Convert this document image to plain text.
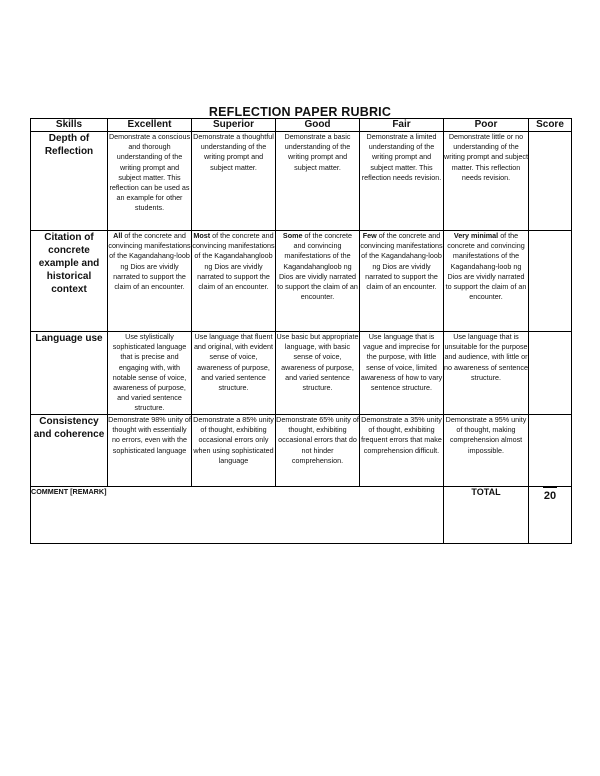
REFLECTION PAPER RUBRIC
Skills	Excellent	Superior	Good	Fair	Poor	Score
Depth of Reflection	Demonstrate a conscious and thorough understanding of the writing prompt and subject matter. This reflection can be used as an example for other students.	Demonstrate a thoughtful understanding of the writing prompt and subject matter.	Demonstrate a basic understanding of the writing prompt and subject matter.	Demonstrate a limited understanding of the writing prompt and subject matter. This reflection needs revision.	Demonstrate little or no understanding of the writing prompt and subject matter. This reflection needs revision.	
Citation of concrete example and historical context	All of the concrete and convincing manifestations of the Kagandahang-loob ng Dios are vividly narrated to support the claim of an encounter.	Most of the concrete and convincing manifestations of the Kagandahangloob ng Dios are vividly narrated to support the claim of an encounter.	Some of the concrete and convincing manifestations of the Kagandahangloob ng Dios are vividly narrated to support the claim of an encounter.	Few of the concrete and convincing manifestations of the Kagandahang-loob ng Dios are vividly narrated to support the claim of an encounter.	Very minimal of the concrete and convincing manifestations of the Kagandahang-loob ng Dios are vividly narrated to support the claim of an encounter.	
Language use	Use stylistically sophisticated language that is precise and engaging with, with notable sense of voice, awareness of purpose, and varied sentence structure.	Use language that fluent and original, with evident sense of voice, awareness of purpose, and varied sentence structure.	Use basic but appropriate language, with basic sense of voice, awareness of purpose, and varied sentence structure.	Use language that is vague and imprecise for the purpose, with little sense of voice, limited awareness of how to vary sentence structure.	Use language that is unsuitable for the purpose and audience, with little or no awareness of sentence structure.	
Consistency and coherence	Demonstrate 98% unity of thought with essentially no errors, even with the sophisticated language	Demonstrate a 85% unity of thought, exhibiting occasional errors only when using sophisticated language	Demonstrate 65% unity of thought, exhibiting occasional errors that do not hinder comprehension.	Demonstrate a 35% unity of thought, exhibiting frequent errors that make comprehension difficult.	Demonstrate a 95% unity of thought, making comprehension almost impossible.	
COMMENT [REMARK]					TOTAL	20
